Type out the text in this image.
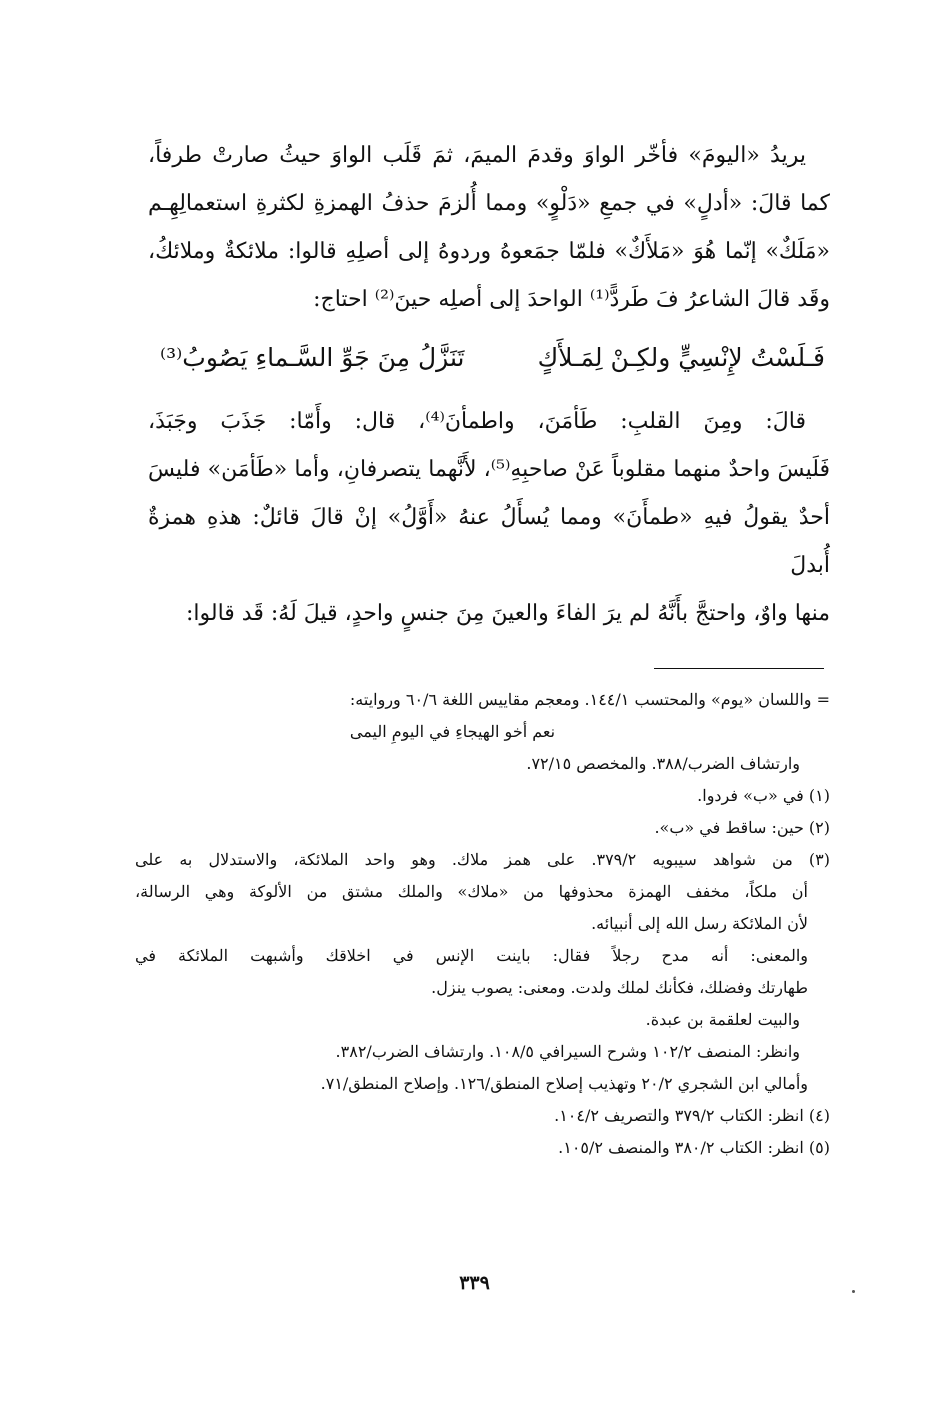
يريدُ «اليومَ» فأخّر الواوَ وقدمَ الميمَ، ثمَ قَلَب الواوَ حيثُ صارتْ طرفاً،

كما قالَ: «أدلٍ» في جمعِ «دَلْوٍ» ومما أُلزمَ حذفُ الهمزةِ لكثرةِ استعمالِهِـم

«مَلَكٌ» إنّما هُوَ «مَلأَكٌ» فلمّا جمَعوهُ وردوهُ إلى أصلِهِ قالوا: ملائكةٌ وملائكُ،

وقَد قالَ الشاعرُ فَ طَردًّ⁽¹⁾ الواحدَ إلى أصلِه حينَ⁽²⁾ احتاج:

فَـلَسْتُ لإِنْسِيٍّ ولكِـنْ لِمَـلأَكٍ
تَنَزَّلُ مِنَ جَوِّ السَّـماءِ يَصُوبُ⁽³⁾

قالَ: ومِنَ القلبِ: طَأمَنَ، واطمأنَ⁽⁴⁾، قال: وأَمّا: جَذَبَ وجَبَذَ،

فَلَيسَ واحدٌ منهما مقلوباً عَنْ صاحبِهِ⁽⁵⁾، لأَنَّهما يتصرفانِ، وأما «طَأمَن» فليسَ

أحدٌ يقولُ فيهِ «طمأَنَ» ومما يُسأَلُ عنهُ «أَوَّلُ» إنْ قالَ قائلٌ: هذهِ همزةٌ أُبدلَ

منها واوٌ، واحتجَّ بأَنَّهُ لم يرَ الفاءَ والعينَ مِنَ جنسٍ واحدٍ، قيلَ لَهُ: قَد قالوا:

= واللسان «يوم» والمحتسب ١٤٤/١. ومعجم مقاييس اللغة ٦٠/٦ وروايته:

نعم أخو الهيجاءِ في اليومِ اليمى

وارتشاف الضرب/٣٨٨. والمخصص ٧٢/١٥.

(١) في «ب» فردوا.

(٢) حين: ساقط في «ب».

(٣) من شواهد سيبويه ٣٧٩/٢. على همز ملاك. وهو واحد الملائكة، والاستدلال به على

أن ملكاً، مخفف الهمزة محذوفها من «ملاك» والملك مشتق من الألوكة وهي الرسالة،

لأن الملائكة رسل الله إلى أنبيائه.

والمعنى: أنه مدح رجلاً فقال: باينت الإنس في اخلاقك وأشبهت الملائكة في

طهارتك وفضلك، فكأنك لملك ولدت. ومعنى: يصوب ينزل.

والبيت لعلقمة بن عبدة.

وانظر: المنصف ١٠٢/٢ وشرح السيرافي ١٠٨/٥. وارتشاف الضرب/٣٨٢.

وأمالي ابن الشجري ٢٠/٢ وتهذيب إصلاح المنطق/١٢٦. وإصلاح المنطق/٧١.

(٤) انظر: الكتاب ٣٧٩/٢ والتصريف ١٠٤/٢.

(٥) انظر: الكتاب ٣٨٠/٢ والمنصف ١٠٥/٢.

٣٣٩
